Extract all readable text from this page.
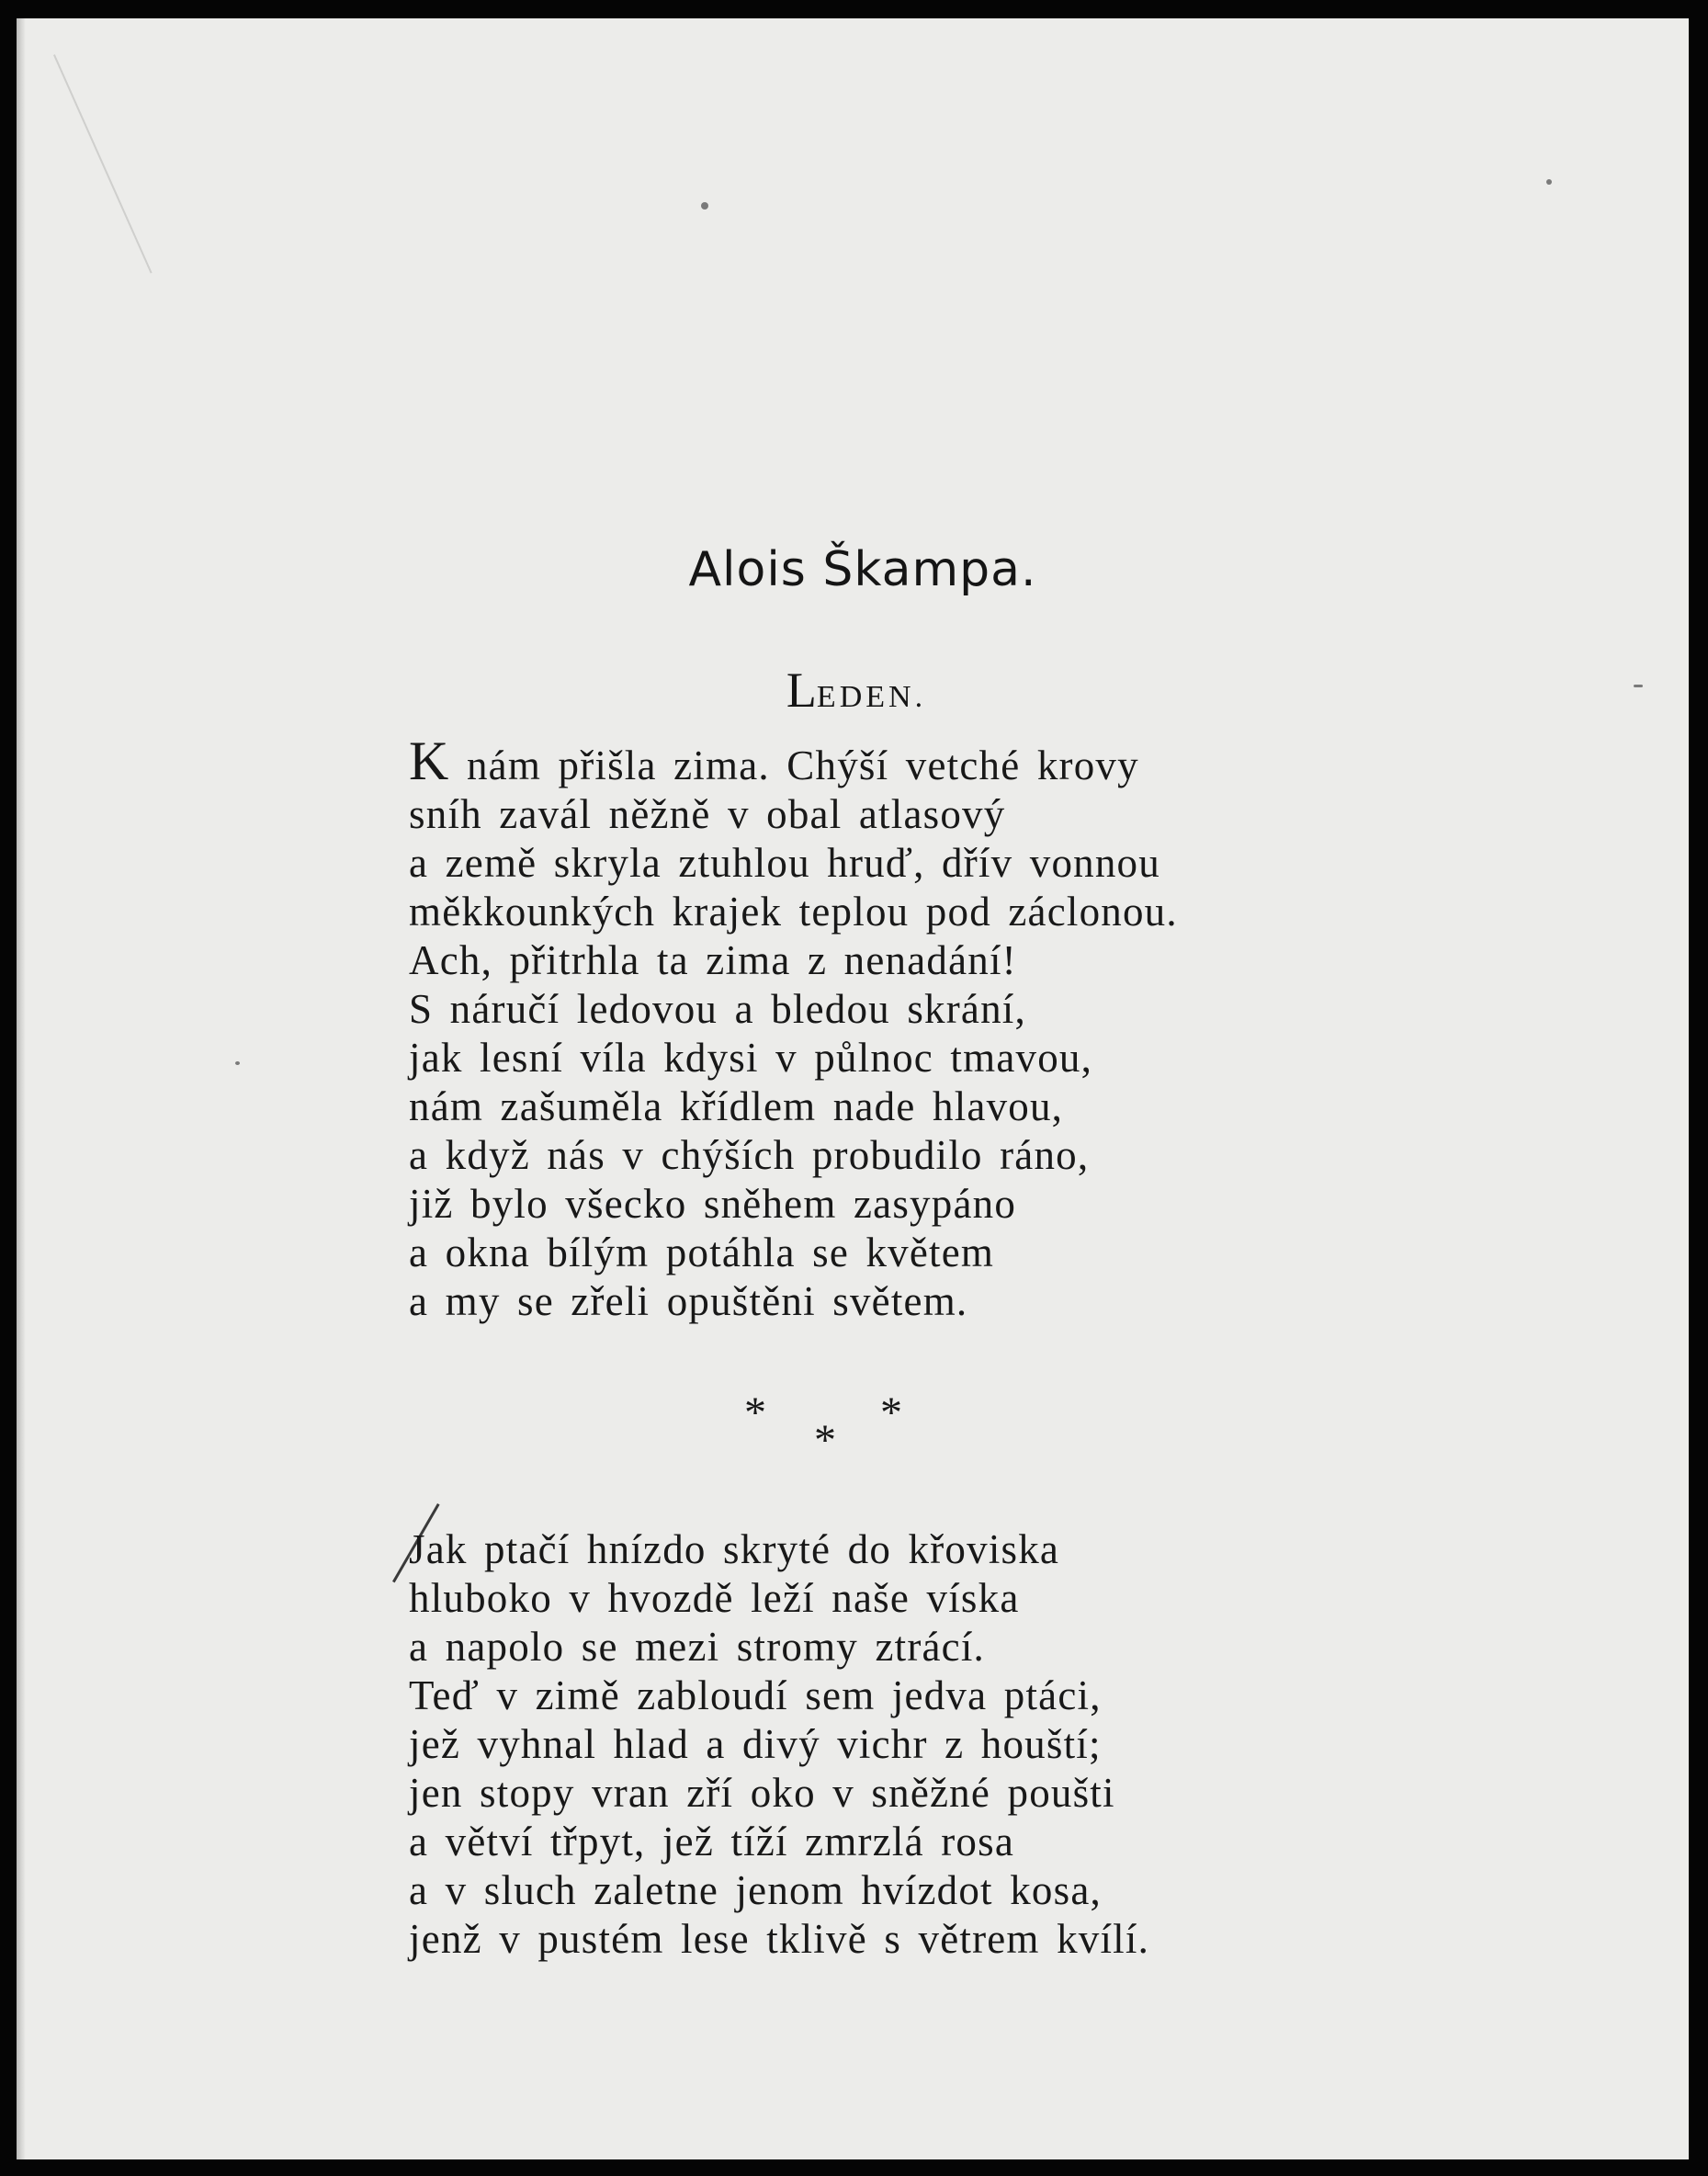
Alois Škampa.
LEDEN.
K nám přišla zima. Chýší vetché krovy
sníh zavál něžně v obal atlasový
a země skryla ztuhlou hruď, dřív vonnou
měkkounkých krajek teplou pod záclonou.
Ach, přitrhla ta zima z nenadání!
S náručí ledovou a bledou skrání,
jak lesní víla kdysi v půlnoc tmavou,
nám zašuměla křídlem nade hlavou,
a když nás v chýších probudilo ráno,
již bylo všecko sněhem zasypáno
a okna bílým potáhla se květem
a my se zřeli opuštěni světem.
*
*
*
Jak ptačí hnízdo skryté do křoviska
hluboko v hvozdě leží naše víska
a napolo se mezi stromy ztrácí.
Teď v zimě zabloudí sem jedva ptáci,
jež vyhnal hlad a divý vichr z houští;
jen stopy vran zří oko v sněžné poušti
a větví třpyt, jež tíží zmrzlá rosa
a v sluch zaletne jenom hvízdot kosa,
jenž v pustém lese tklivě s větrem kvílí.
